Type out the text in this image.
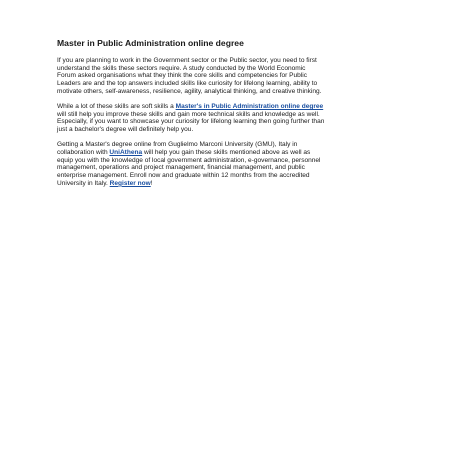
Master in Public Administration online degree
If you are planning to work in the Government sector or the Public sector, you need to first
understand the skills these sectors require. A study conducted by the World Economic
Forum asked organisations what they think the core skills and competencies for Public
Leaders are and the top answers included skills like curiosity for lifelong learning, ability to
motivate others, self-awareness, resilience, agility, analytical thinking, and creative thinking.
While a lot of these skills are soft skills a Master's in Public Administration online degree
will still help you improve these skills and gain more technical skills and knowledge as well.
Especially, if you want to showcase your curiosity for lifelong learning then going further than
just a bachelor's degree will definitely help you.
Getting a Master's degree online from Guglielmo Marconi University (GMU), Italy in
collaboration with UniAthena will help you gain these skills mentioned above as well as
equip you with the knowledge of local government administration, e-governance, personnel
management, operations and project management, financial management, and public
enterprise management. Enroll now and graduate within 12 months from the accredited
University in Italy. Register now!
